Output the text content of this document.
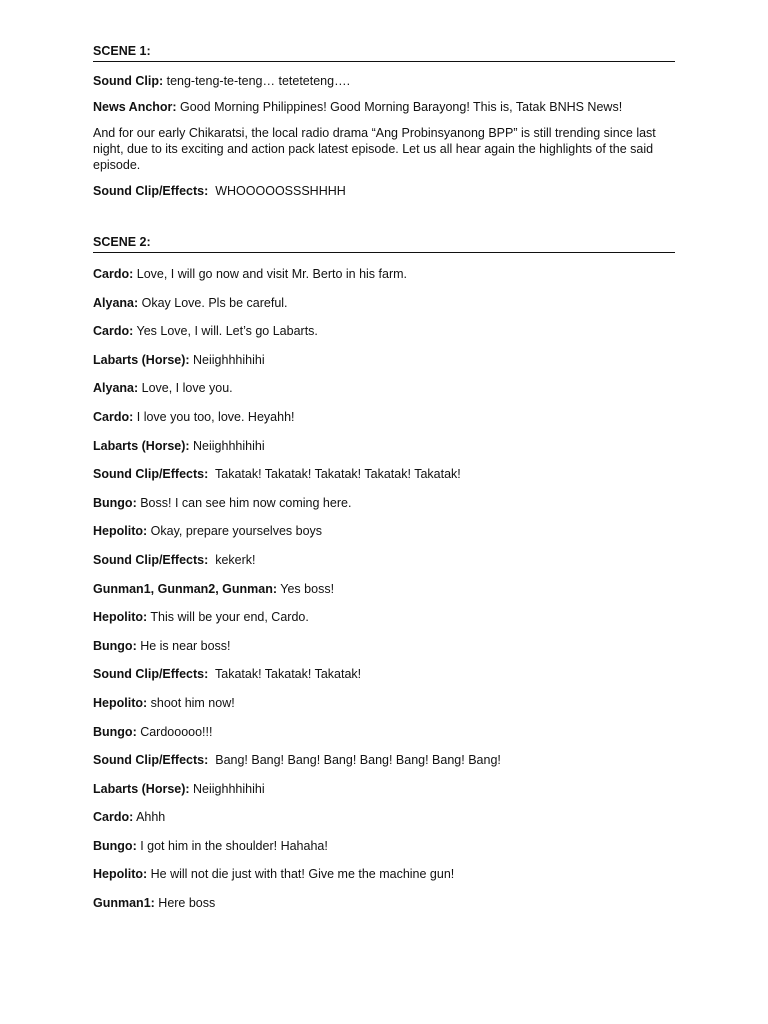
SCENE 1:

Sound Clip: teng-teng-te-teng… teteteteng….

News Anchor: Good Morning Philippines! Good Morning Barayong! This is, Tatak BNHS News!

And for our early Chikaratsi, the local radio drama “Ang Probinsyanong BPP” is still trending since last night, due to its exciting and action pack latest episode. Let us all hear again the highlights of the said episode.

Sound Clip/Effects:  WHOOOOOSSSHHHH

SCENE 2:

Cardo: Love, I will go now and visit Mr. Berto in his farm.

Alyana: Okay Love. Pls be careful.

Cardo: Yes Love, I will. Let’s go Labarts.

Labarts (Horse): Neiighhhihihi

Alyana: Love, I love you.

Cardo: I love you too, love. Heyahh!

Labarts (Horse): Neiighhhihihi

Sound Clip/Effects:  Takatak! Takatak! Takatak! Takatak! Takatak!

Bungo: Boss! I can see him now coming here.

Hepolito: Okay, prepare yourselves boys

Sound Clip/Effects:  kekerk!

Gunman1, Gunman2, Gunman: Yes boss!

Hepolito: This will be your end, Cardo.

Bungo: He is near boss!

Sound Clip/Effects:  Takatak! Takatak! Takatak!

Hepolito: shoot him now!

Bungo: Cardooooo!!!

Sound Clip/Effects:  Bang! Bang! Bang! Bang! Bang! Bang! Bang! Bang!

Labarts (Horse): Neiighhhihihi

Cardo: Ahhh

Bungo: I got him in the shoulder! Hahaha!

Hepolito: He will not die just with that! Give me the machine gun!

Gunman1: Here boss
